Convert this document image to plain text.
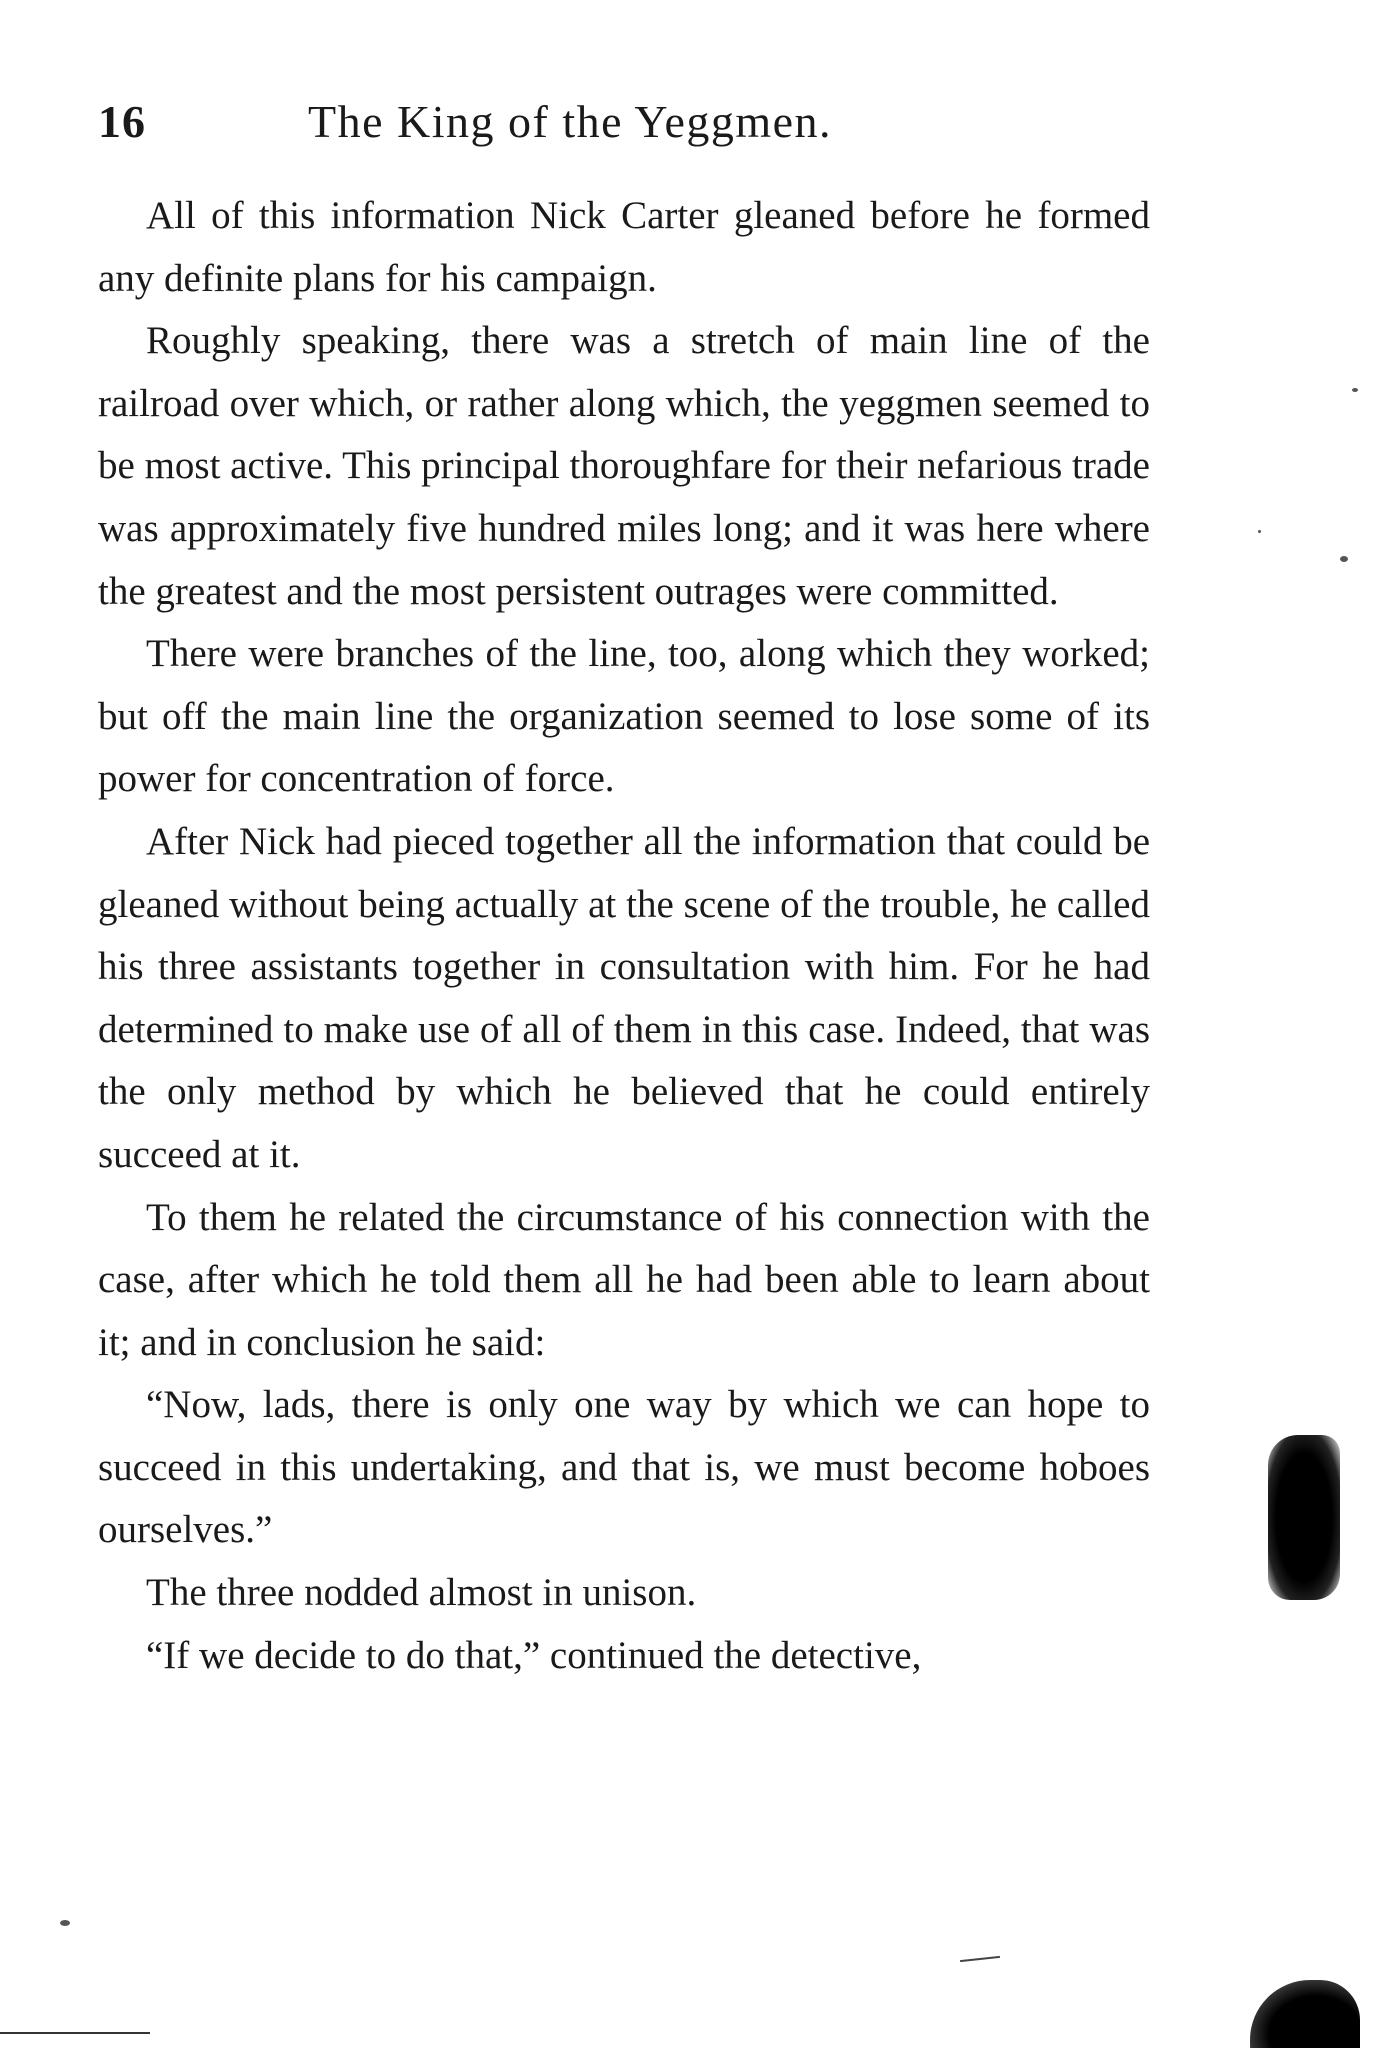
16	The King of the Yeggmen.

All of this information Nick Carter gleaned before he formed any definite plans for his campaign.

Roughly speaking, there was a stretch of main line of the railroad over which, or rather along which, the yeggmen seemed to be most active. This principal thoroughfare for their nefarious trade was approximately five hundred miles long; and it was here where the greatest and the most persistent outrages were committed.

There were branches of the line, too, along which they worked; but off the main line the organization seemed to lose some of its power for concentration of force.

After Nick had pieced together all the information that could be gleaned without being actually at the scene of the trouble, he called his three assistants together in consultation with him. For he had determined to make use of all of them in this case. Indeed, that was the only method by which he believed that he could entirely succeed at it.

To them he related the circumstance of his connection with the case, after which he told them all he had been able to learn about it; and in conclusion he said:

“Now, lads, there is only one way by which we can hope to succeed in this undertaking, and that is, we must become hoboes ourselves.”

The three nodded almost in unison.

“If we decide to do that,” continued the detective,
